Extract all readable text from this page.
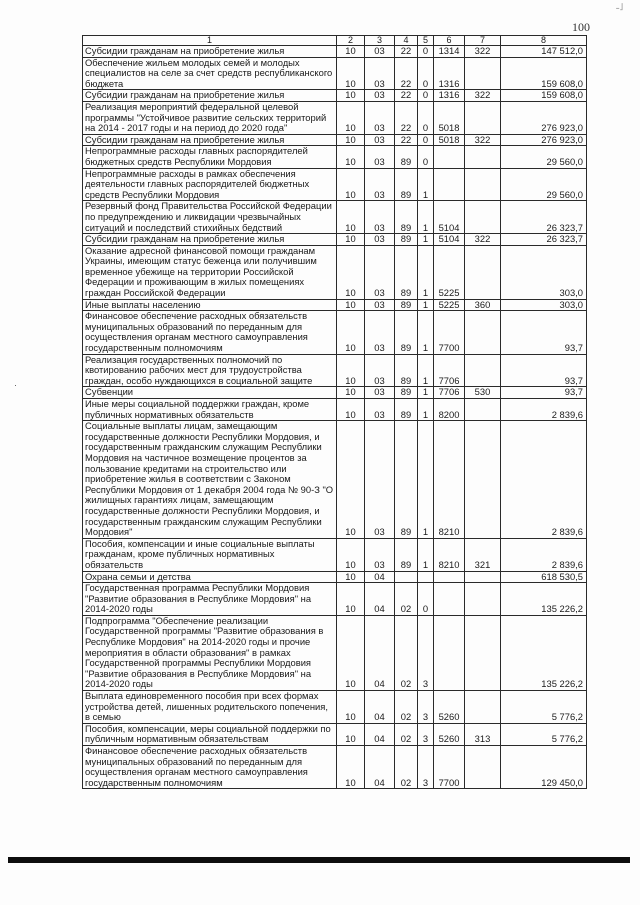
˗˩
100
1	2	3	4	5	6	7	8
Субсидии гражданам на приобретение жилья	10	03	22	0	1314	322	147 512,0
Обеспечение жильем молодых семей и молодых специалистов на селе за счет средств республиканского бюджета	10	03	22	0	1316		159 608,0
Субсидии гражданам на приобретение жилья	10	03	22	0	1316	322	159 608,0
Реализация мероприятий федеральной целевой программы "Устойчивое развитие сельских территорий на 2014 - 2017 годы и на период до 2020 года"	10	03	22	0	5018		276 923,0
Субсидии гражданам на приобретение жилья	10	03	22	0	5018	322	276 923,0
Непрограммные расходы главных распорядителей бюджетных средств Республики Мордовия	10	03	89	0			29 560,0
Непрограммные расходы в рамках обеспечения деятельности главных распорядителей бюджетных средств Республики Мордовия	10	03	89	1			29 560,0
Резервный фонд Правительства Российской Федерации по предупреждению и ликвидации чрезвычайных ситуаций и последствий стихийных бедствий	10	03	89	1	5104		26 323,7
Субсидии гражданам на приобретение жилья	10	03	89	1	5104	322	26 323,7
Оказание адресной финансовой помощи гражданам Украины, имеющим статус беженца или получившим временное убежище на территории Российской Федерации и проживающим в жилых помещениях граждан Российской Федерации	10	03	89	1	5225		303,0
Иные выплаты населению	10	03	89	1	5225	360	303,0
Финансовое обеспечение расходных обязательств муниципальных образований по переданным для осуществления органам местного самоуправления государственным полномочиям	10	03	89	1	7700		93,7
Реализация государственных полномочий по квотированию рабочих мест для трудоустройства граждан, особо нуждающихся в социальной защите	10	03	89	1	7706		93,7
Субвенции	10	03	89	1	7706	530	93,7
Иные меры социальной поддержки граждан, кроме публичных нормативных обязательств	10	03	89	1	8200		2 839,6
Социальные выплаты лицам, замещающим государственные должности Республики Мордовия, и государственным гражданским служащим Республики Мордовия на частичное возмещение процентов за пользование кредитами на строительство или приобретение жилья в соответствии с Законом Республики Мордовия от 1 декабря 2004 года № 90-З "О жилищных гарантиях лицам, замещающим государственные должности Республики Мордовия, и государственным гражданским служащим Республики Мордовия"	10	03	89	1	8210		2 839,6
Пособия, компенсации и иные социальные выплаты гражданам, кроме публичных нормативных обязательств	10	03	89	1	8210	321	2 839,6
Охрана семьи и детства	10	04					618 530,5
Государственная программа Республики Мордовия "Развитие образования в Республике Мордовия" на 2014-2020 годы	10	04	02	0			135 226,2
Подпрограмма "Обеспечение реализации Государственной программы "Развитие образования в Республике Мордовия" на 2014-2020 годы и прочие мероприятия в области образования" в рамках Государственной программы Республики Мордовия "Развитие образования в Республике Мордовия" на 2014-2020 годы	10	04	02	3			135 226,2
Выплата единовременного пособия при всех формах устройства детей, лишенных родительского попечения, в семью	10	04	02	3	5260		5 776,2
Пособия, компенсации, меры социальной поддержки по публичным нормативным обязательствам	10	04	02	3	5260	313	5 776,2
Финансовое обеспечение расходных обязательств муниципальных образований по переданным для осуществления органам местного самоуправления государственным полномочиям	10	04	02	3	7700		129 450,0
